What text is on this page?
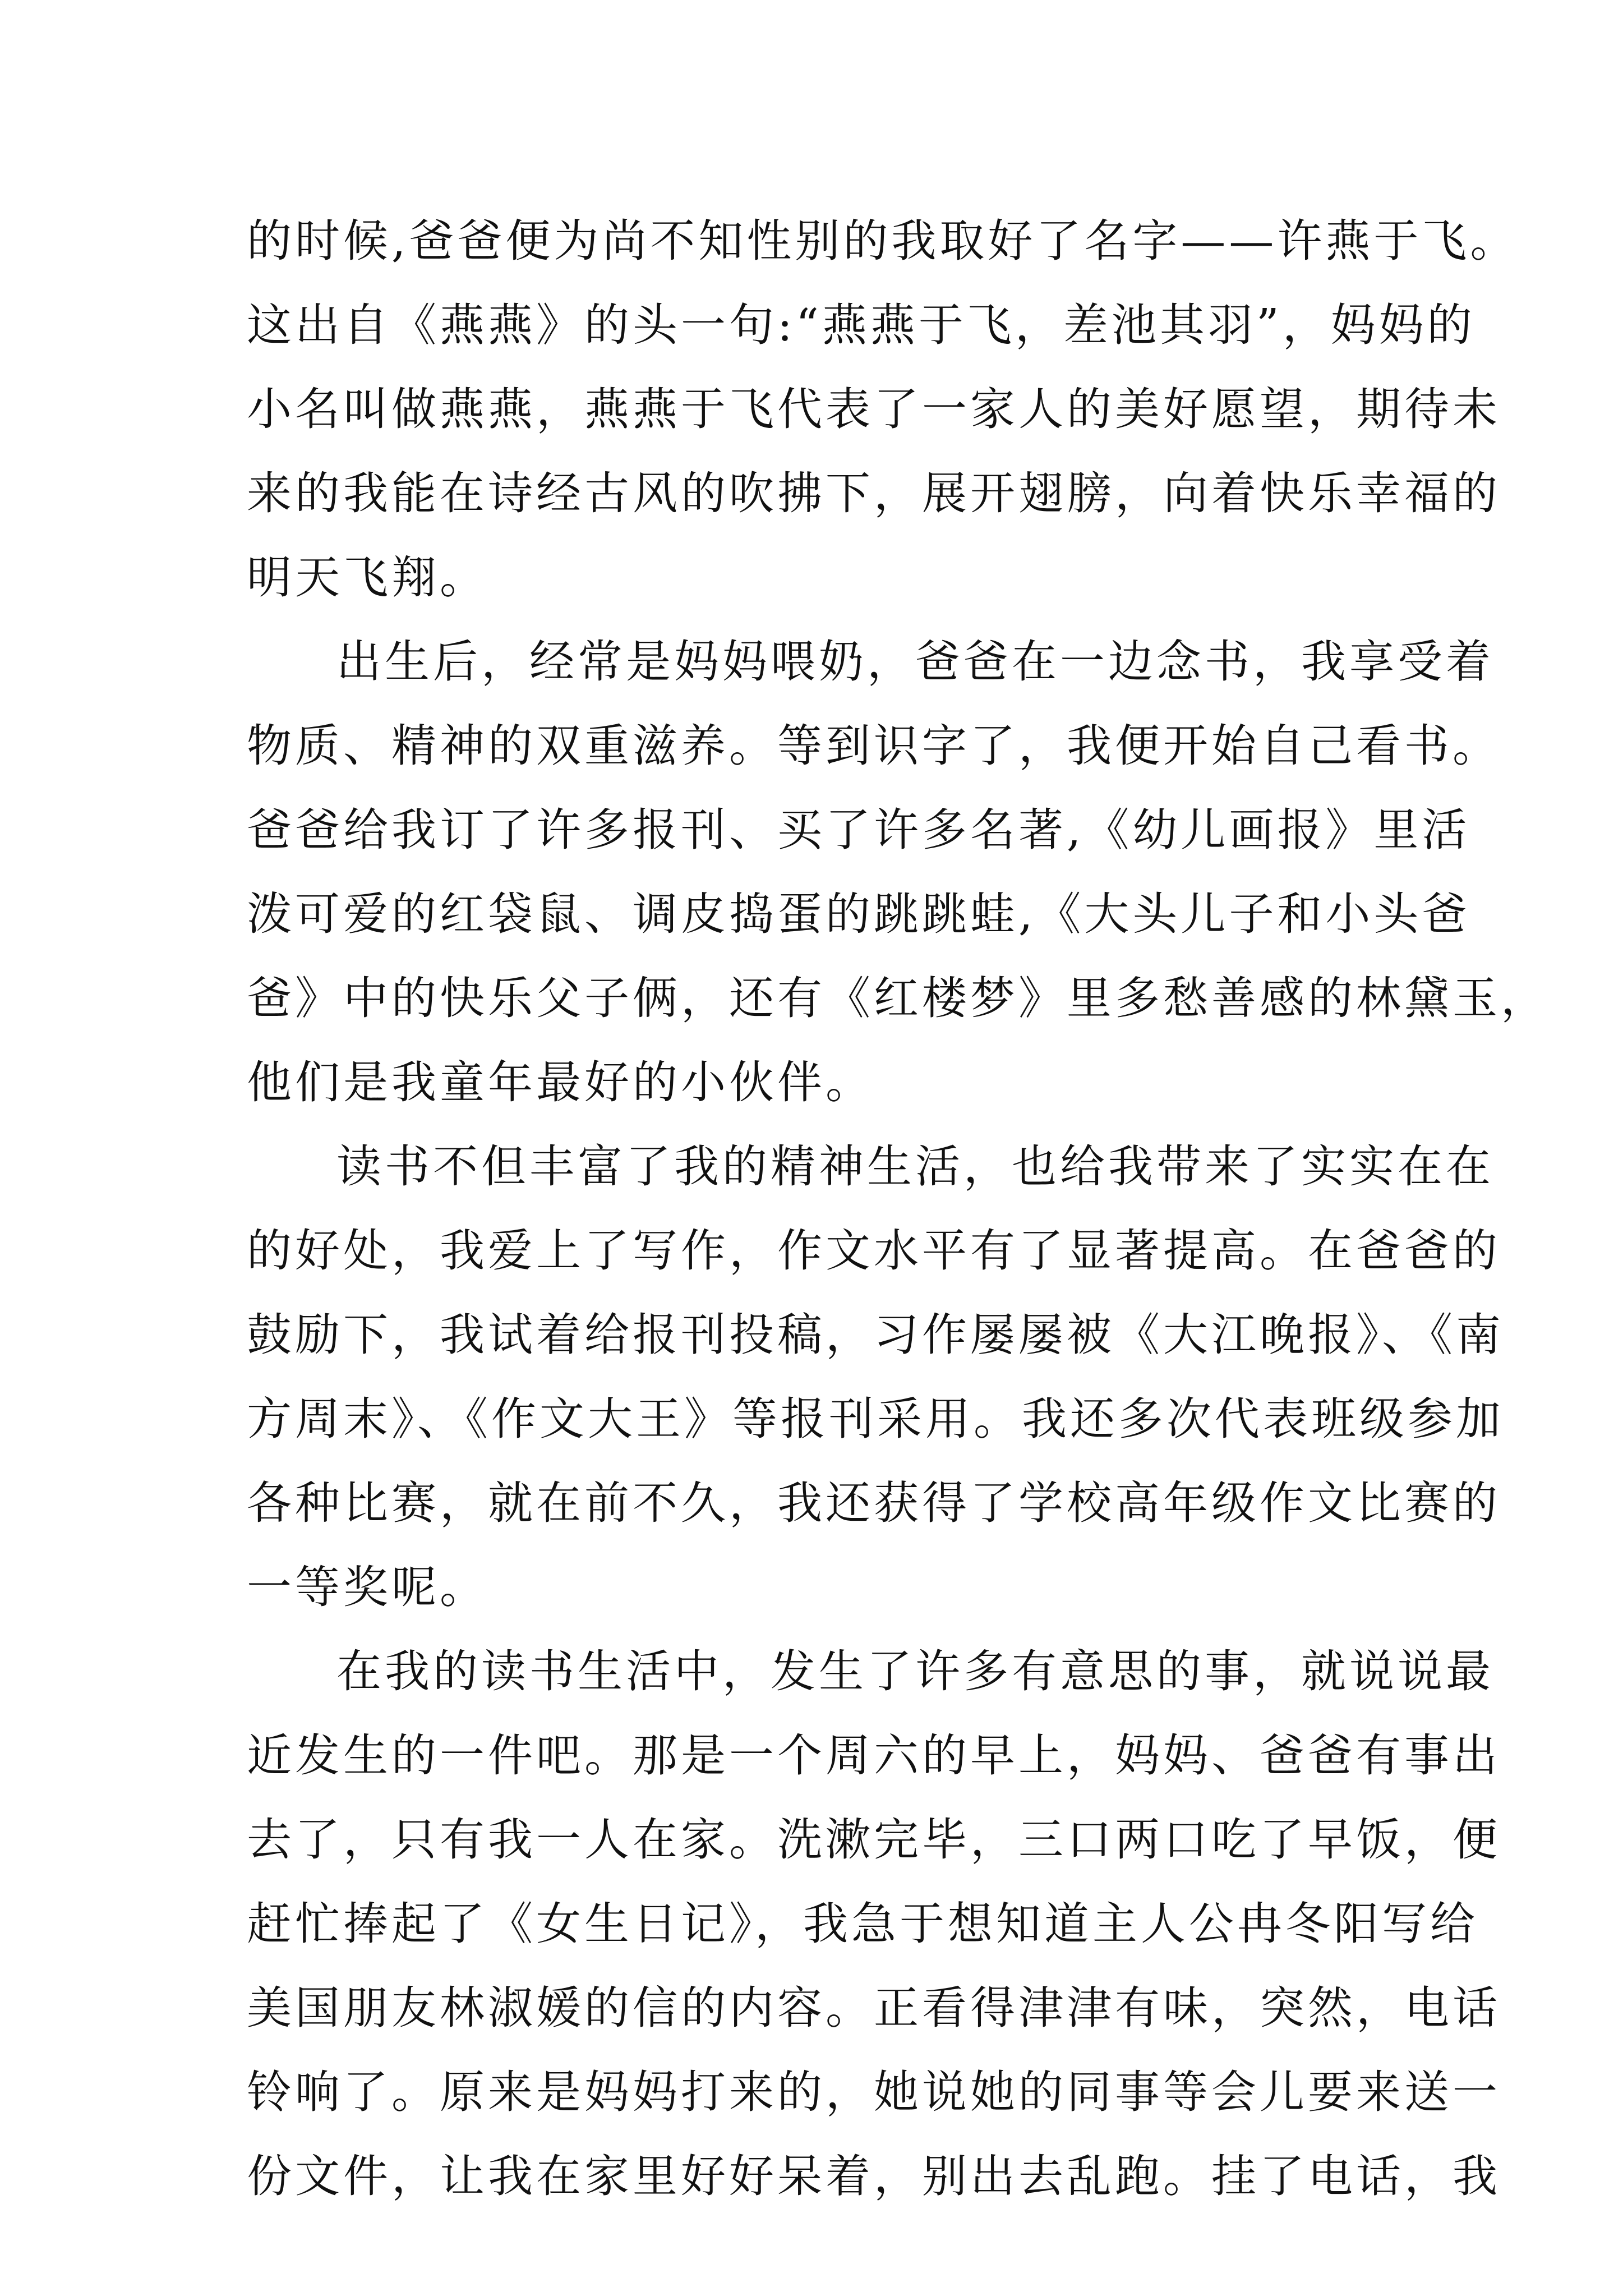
的时候,爸爸便为尚不知性别的我取好了名字——许燕于飞。
这出自《燕燕》的头一句:“燕燕于飞，差池其羽”，妈妈的
小名叫做燕燕，燕燕于飞代表了一家人的美好愿望，期待未
来的我能在诗经古风的吹拂下，展开翅膀，向着快乐幸福的
明天飞翔。
出生后，经常是妈妈喂奶，爸爸在一边念书，我享受着
物质、精神的双重滋养。等到识字了，我便开始自己看书。
爸爸给我订了许多报刊、买了许多名著,《幼儿画报》里活
泼可爱的红袋鼠、调皮捣蛋的跳跳蛙,《大头儿子和小头爸
爸》中的快乐父子俩，还有《红楼梦》里多愁善感的林黛玉，
他们是我童年最好的小伙伴。
读书不但丰富了我的精神生活，也给我带来了实实在在
的好处，我爱上了写作，作文水平有了显著提高。在爸爸的
鼓励下，我试着给报刊投稿，习作屡屡被《大江晚报》、《南
方周末》、《作文大王》等报刊采用。我还多次代表班级参加
各种比赛，就在前不久，我还获得了学校高年级作文比赛的
一等奖呢。
在我的读书生活中，发生了许多有意思的事，就说说最
近发生的一件吧。那是一个周六的早上，妈妈、爸爸有事出
去了，只有我一人在家。洗漱完毕，三口两口吃了早饭，便
赶忙捧起了《女生日记》，我急于想知道主人公冉冬阳写给
美国朋友林淑媛的信的内容。正看得津津有味，突然，电话
铃响了。原来是妈妈打来的，她说她的同事等会儿要来送一
份文件，让我在家里好好呆着，别出去乱跑。挂了电话，我
